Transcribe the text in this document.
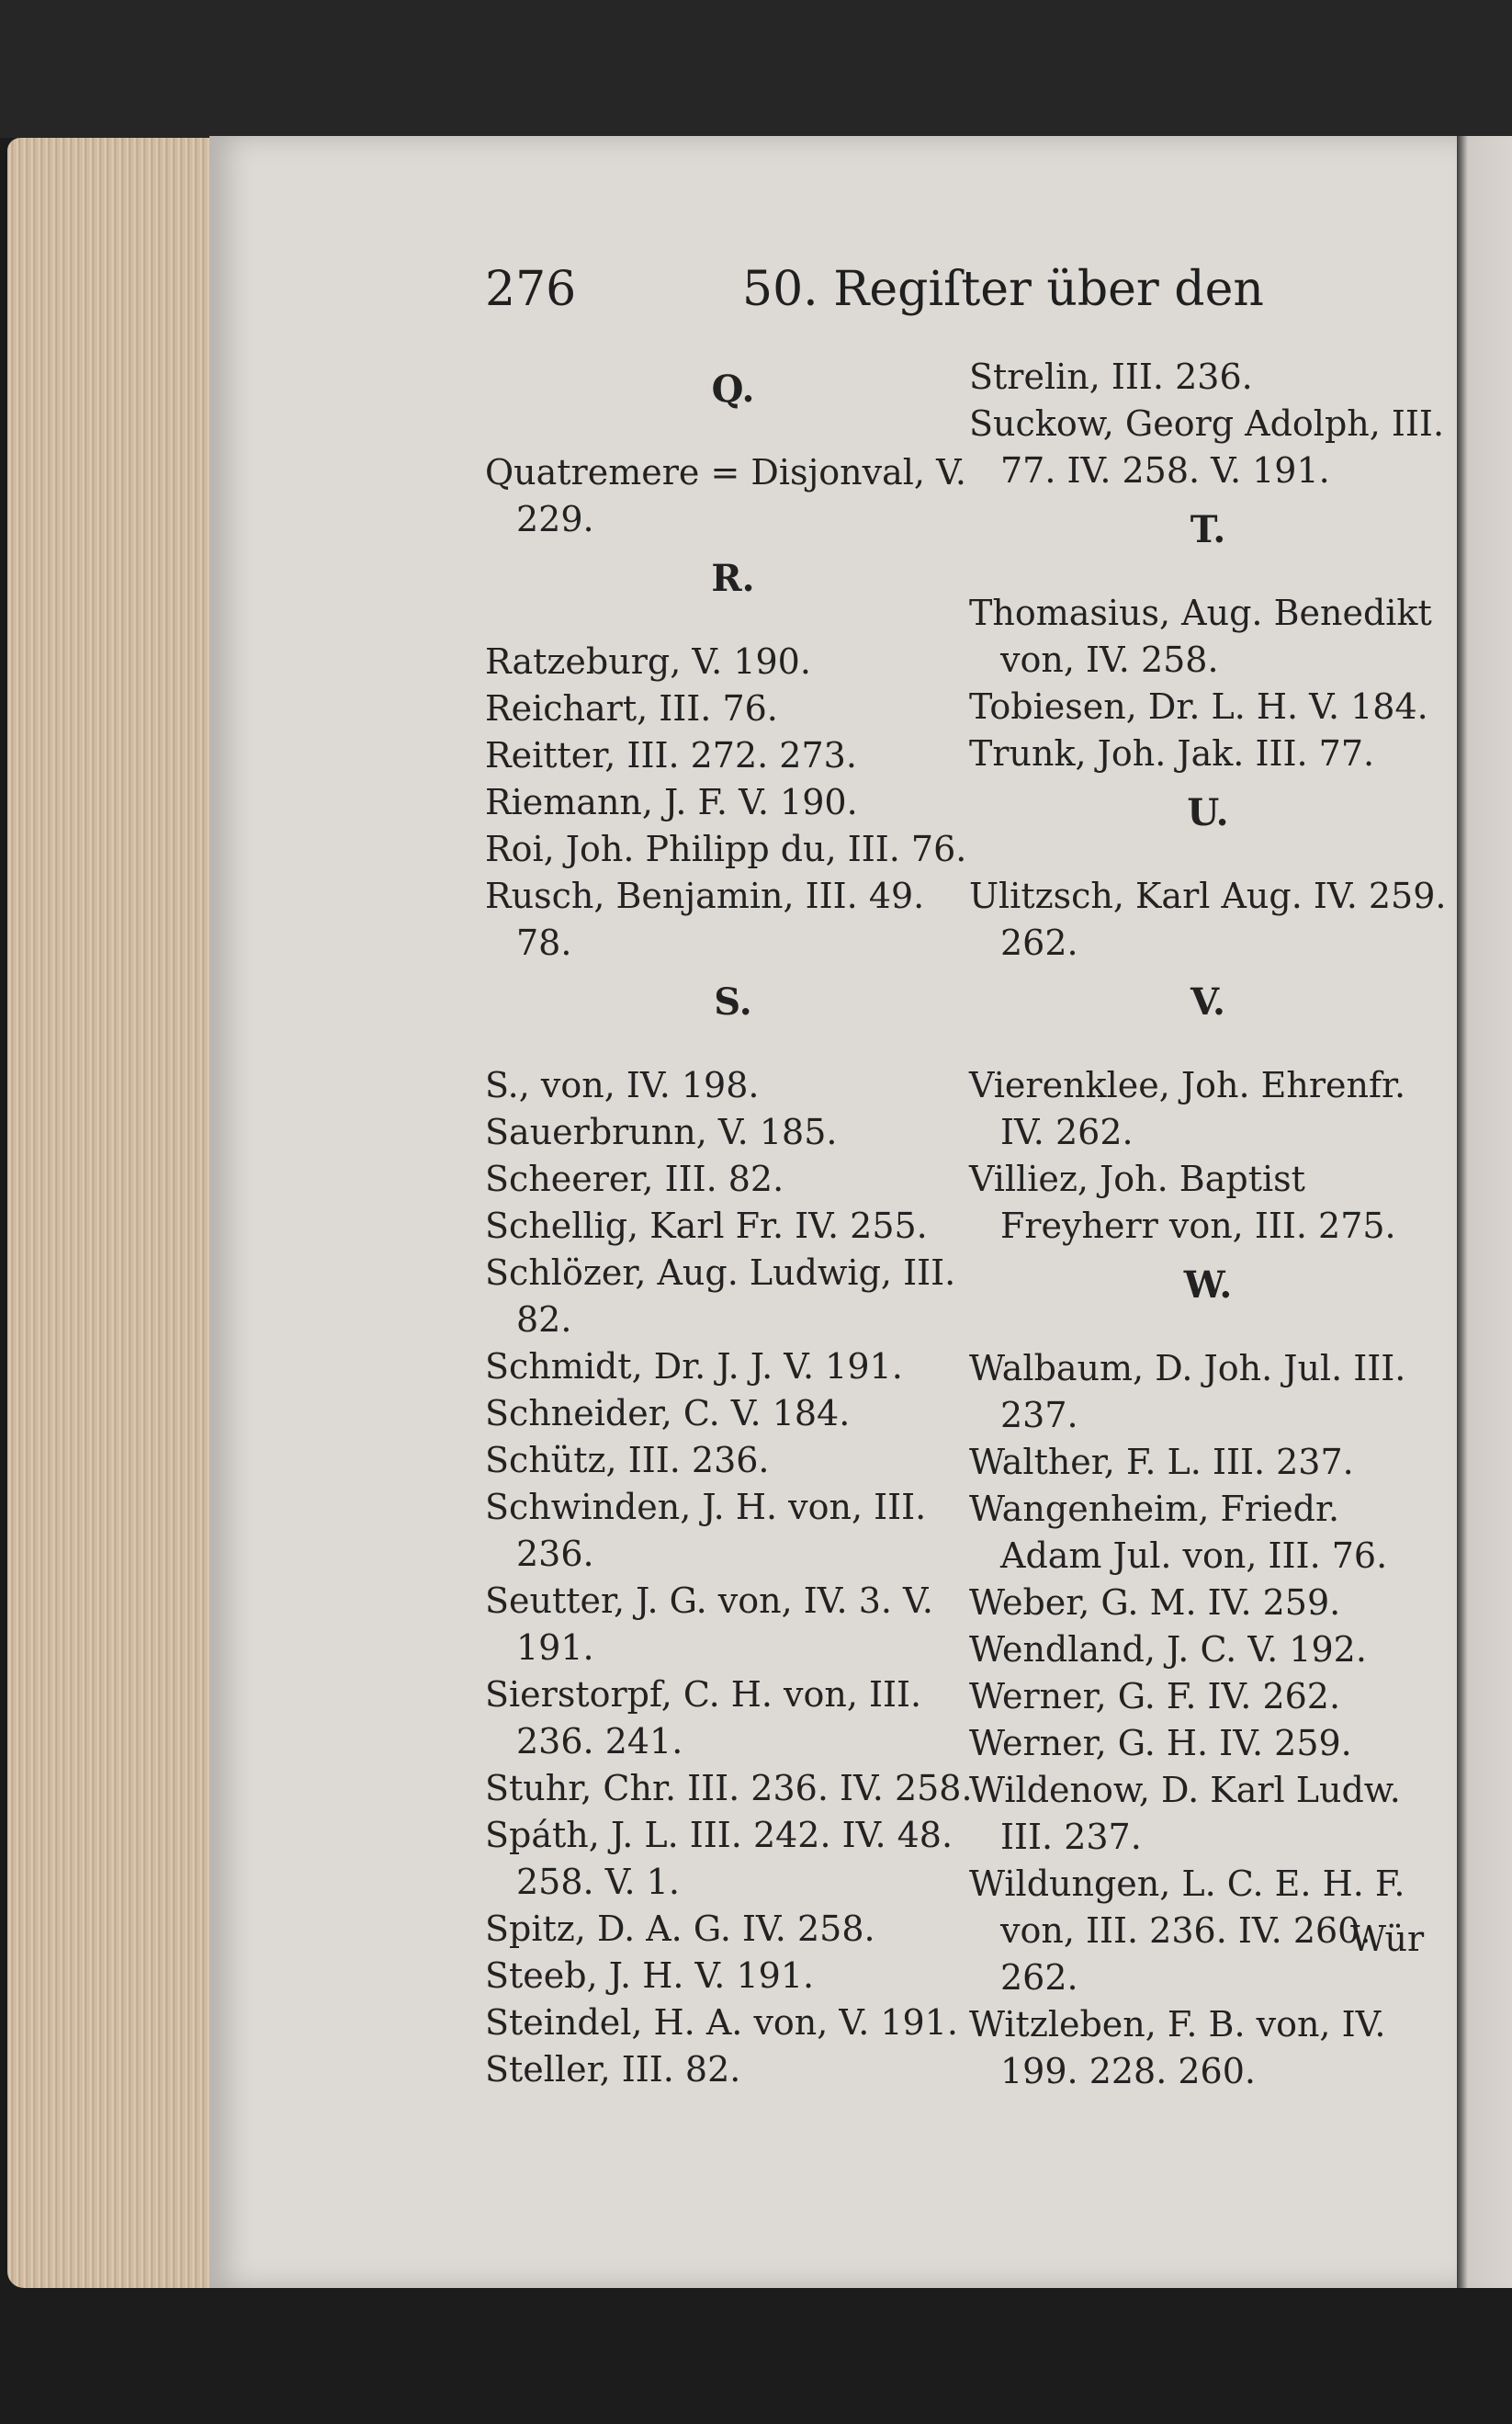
276	50. Regiſter über den
Q.
Quatremere = Disjonval, V. 229.
R.
Ratzeburg, V. 190.
Reichart, III. 76.
Reitter, III. 272. 273.
Riemann, J. F. V. 190.
Roi, Joh. Philipp du, III. 76.
Rusch, Benjamin, III. 49. 78.
S.
S., von, IV. 198.
Sauerbrunn, V. 185.
Scheerer, III. 82.
Schellig, Karl Fr. IV. 255.
Schlözer, Aug. Ludwig, III. 82.
Schmidt, Dr. J. J. V. 191.
Schneider, C. V. 184.
Schütz, III. 236.
Schwinden, J. H. von, III. 236.
Seutter, J. G. von, IV. 3. V. 191.
Sierstorpf, C. H. von, III. 236. 241.
Stuhr, Chr. III. 236. IV. 258.
Spáth, J. L. III. 242. IV. 48. 258. V. 1.
Spitz, D. A. G. IV. 258.
Steeb, J. H. V. 191.
Steindel, H. A. von, V. 191.
Steller, III. 82.
Strelin, III. 236.
Suckow, Georg Adolph, III. 77. IV. 258. V. 191.
T.
Thomasius, Aug. Benedikt von, IV. 258.
Tobiesen, Dr. L. H. V. 184.
Trunk, Joh. Jak. III. 77.
U.
Ulitzsch, Karl Aug. IV. 259. 262.
V.
Vierenklee, Joh. Ehrenfr. IV. 262.
Villiez, Joh. Baptist Freyherr von, III. 275.
W.
Walbaum, D. Joh. Jul. III. 237.
Walther, F. L. III. 237.
Wangenheim, Friedr. Adam Jul. von, III. 76.
Weber, G. M. IV. 259.
Wendland, J. C. V. 192.
Werner, G. F. IV. 262.
Werner, G. H. IV. 259.
Wildenow, D. Karl Ludw. III. 237.
Wildungen, L. C. E. H. F. von, III. 236. IV. 260. 262.
Witzleben, F. B. von, IV. 199. 228. 260.
Wür
